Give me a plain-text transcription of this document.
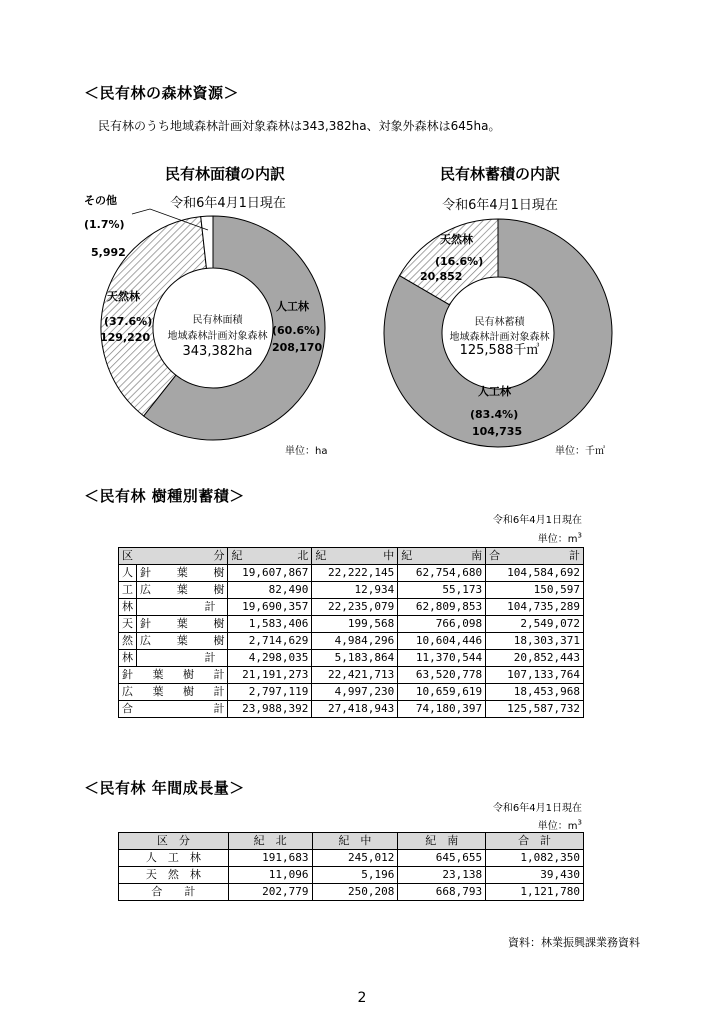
＜民有林の森林資源＞
民有林のうち地域森林計画対象森林は343,382ha、対象外森林は645ha。
民有林面積の内訳
令和6年4月1日現在
民有林面積
地域森林計画対象森林
343,382ha
その他
(1.7%)
5,992
天然林
(37.6%)
129,220
人工林
(60.6%)
208,170
単位：ha
民有林蓄積の内訳
令和6年4月1日現在
民有林蓄積
地域森林計画対象森林
125,588千㎥
天然林
(16.6%)
20,852
人工林
(83.4%)
104,735
単位：千㎥
＜民有林 樹種別蓄積＞
令和6年4月1日現在
単位：$m^3$
区 分		紀 北	紀 中	紀 南	合 計

人	針 葉 樹	19,607,867	22,222,145	62,754,680	104,584,692
工	広 葉 樹	82,490	12,934	55,173	150,597
林	計	19,690,357	22,235,079	62,809,853	104,735,289
天	針 葉 樹	1,583,406	199,568	766,098	2,549,072
然	広 葉 樹	2,714,629	4,984,296	10,604,446	18,303,371
林	計	4,298,035	5,183,864	11,370,544	20,852,443

針 葉 樹 計		21,191,273	22,421,713	63,520,778	107,133,764

広 葉 樹 計		2,797,119	4,997,230	10,659,619	18,453,968

合 計		23,988,392	27,418,943	74,180,397	125,587,732
＜民有林 年間成長量＞
令和6年4月1日現在
単位：$m^3$
区　分	紀　北	紀　中	紀　南	合　計
人　工　林	191,683	245,012	645,655	1,082,350
天　然　林	11,096	5,196	23,138	39,430
合　　計	202,779	250,208	668,793	1,121,780
資料：林業振興課業務資料
2
